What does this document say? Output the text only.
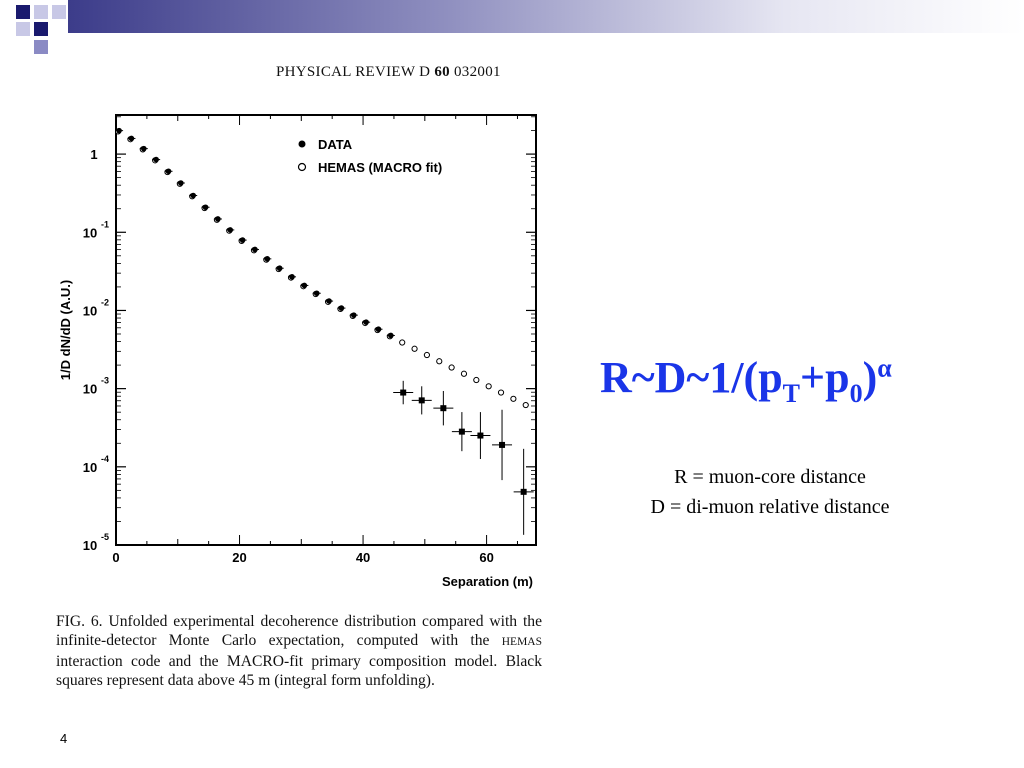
PHYSICAL REVIEW D 60 032001
10
-5
10
-4
10
-3
10
-2
10
-1
1
0	20	40	60
1/D dN/dD (A.U.)
Separation (m)
DATA
HEMAS (MACRO fit)
FIG. 6. Unfolded experimental decoherence distribution compared with the infinite-detector Monte Carlo expectation, computed with the HEMAS interaction code and the MACRO-fit primary composition model. Black squares represent data above 45 m (integral form unfolding).
$R\sim D\sim 1/(p_T+p_0)^\alpha$
R = muon-core distance
D = di-muon relative distance
4
